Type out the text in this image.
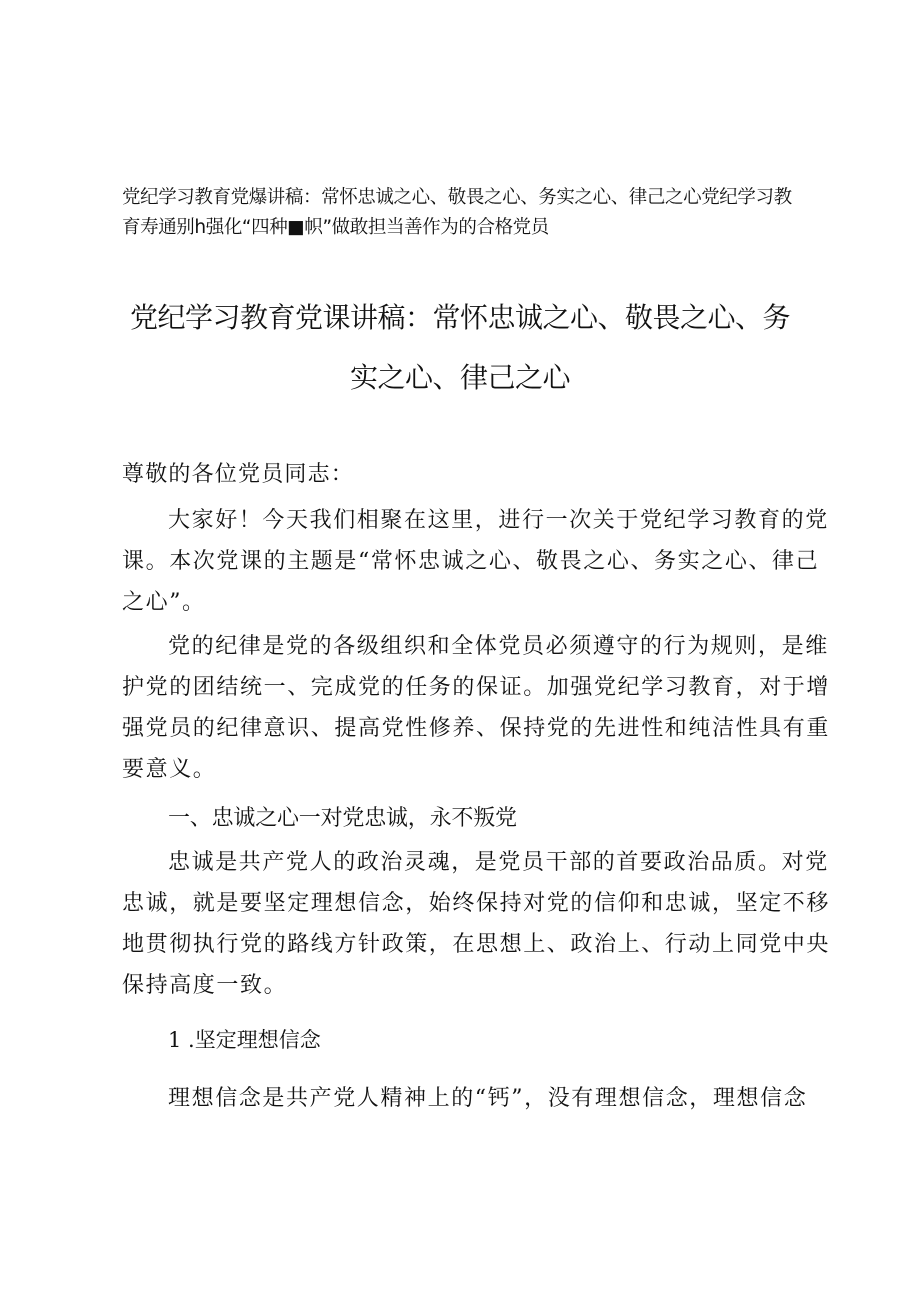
党纪学习教育党爆讲稿：常怀忠诚之心、敬畏之心、务实之心、律己之心党纪学习教
育寿通别h强化“四种■帜”做敢担当善作为的合格党员
党纪学习教育党课讲稿：常怀忠诚之心、敬畏之心、务
实之心、律己之心
尊敬的各位党员同志：
大家好！今天我们相聚在这里，进行一次关于党纪学习教育的党
课。本次党课的主题是“常怀忠诚之心、敬畏之心、务实之心、律己
之心”。
党的纪律是党的各级组织和全体党员必须遵守的行为规则，是维
护党的团结统一、完成党的任务的保证。加强党纪学习教育，对于增
强党员的纪律意识、提高党性修养、保持党的先进性和纯洁性具有重
要意义。
一、忠诚之心一对党忠诚，永不叛党
忠诚是共产党人的政治灵魂，是党员干部的首要政治品质。对党
忠诚，就是要坚定理想信念，始终保持对党的信仰和忠诚，坚定不移
地贯彻执行党的路线方针政策，在思想上、政治上、行动上同党中央
保持高度一致。
1 .坚定理想信念
理想信念是共产党人精神上的“钙”，没有理想信念，理想信念
